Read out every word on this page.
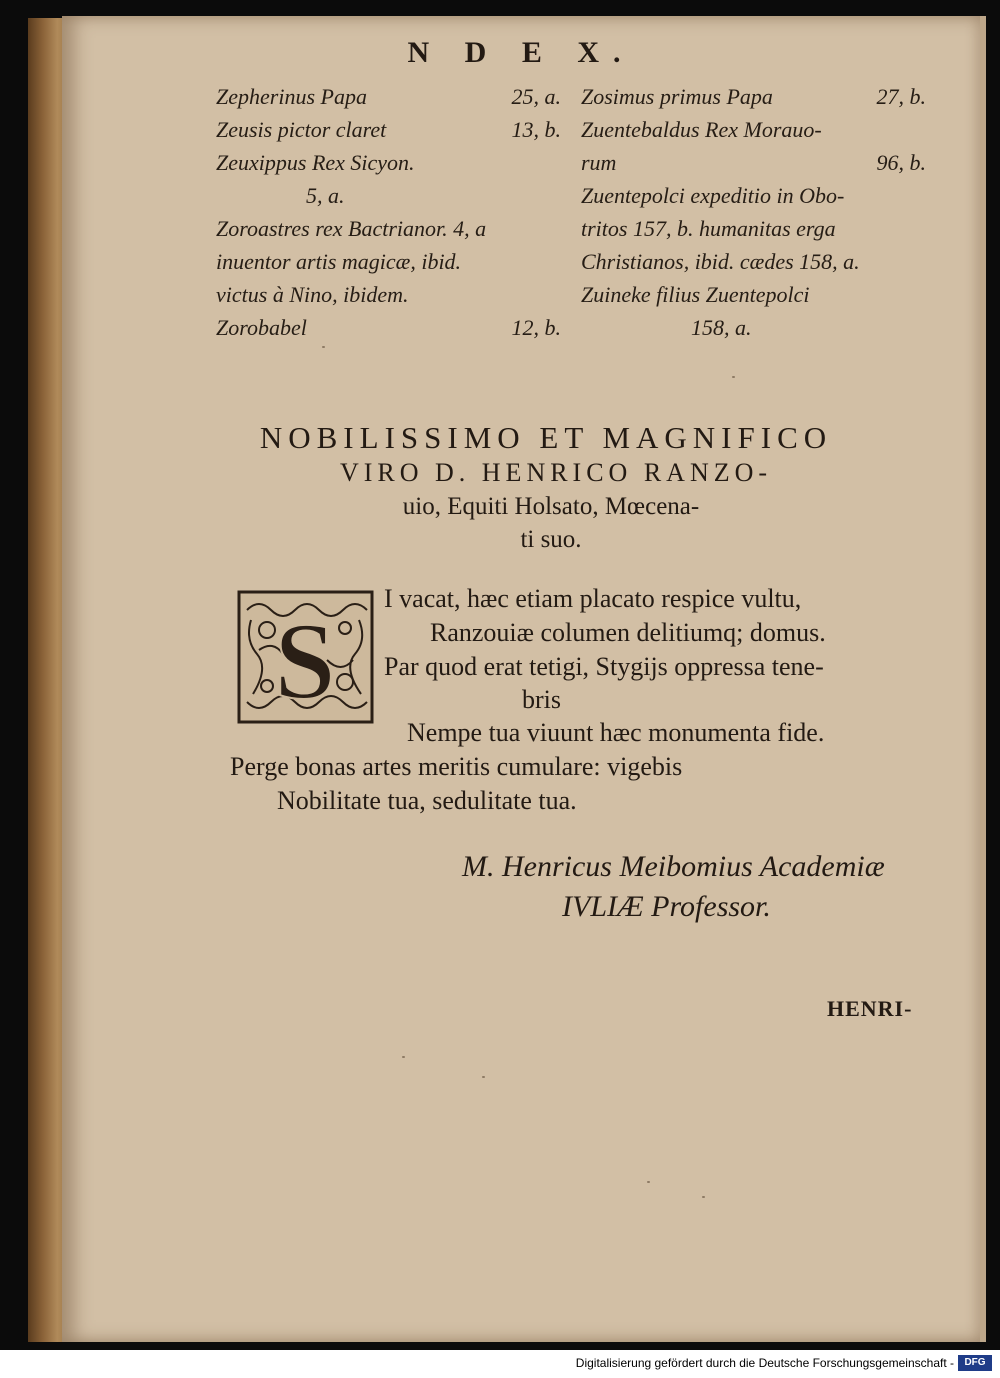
N D E X.
Zepherinus Papa	25, a.
Zeusis pictor claret	13, b.
Zeuxippus Rex Sicyon.
5, a.
Zoroastres rex Bactrianor. 4, a
inuentor artis magicæ, ibid.
victus à Nino, ibidem.
Zorobabel	12, b.
Zosimus primus Papa	27, b.
Zuentebaldus Rex Morauo-
rum	96, b.
Zuentepolci expeditio in Obo-
tritos 157, b. humanitas erga
Christianos, ibid. cædes 158, a.
Zuineke filius Zuentepolci
158, a.
NOBILISSIMO ET MAGNIFICO
VIRO D. HENRICO RANZO-
uio, Equiti Holsato, Mœcena-
ti suo.
S
I vacat, hæc etiam placato respice vultu,
Ranzouiæ columen delitiumq; domus.
Par quod erat tetigi, Stygijs oppressa tene-
bris
Nempe tua viuunt hæc monumenta fide.
Perge bonas artes meritis cumulare: vigebis
Nobilitate tua, sedulitate tua.
M. Henricus Meibomius Academiæ
IVLIÆ Professor.
HENRI-
Digitalisierung gefördert durch die Deutsche Forschungsgemeinschaft -	DFG
